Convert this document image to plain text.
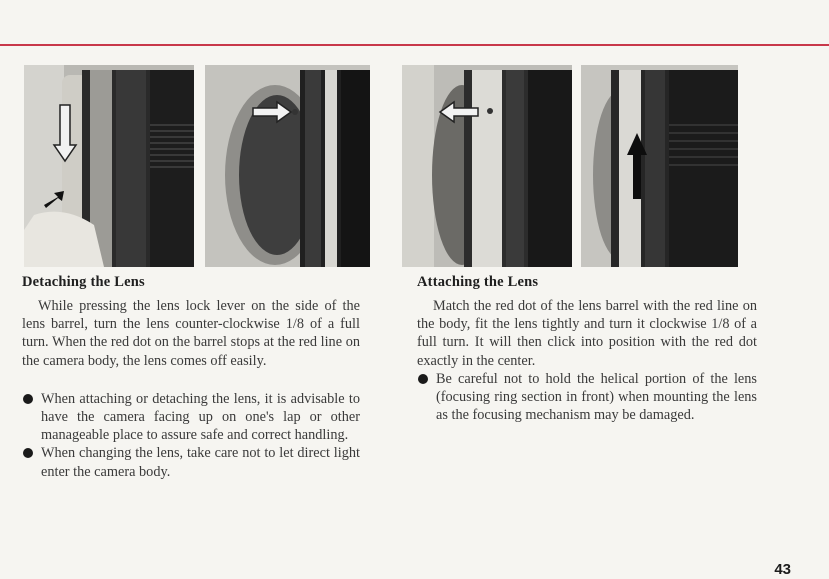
Detaching the Lens

While pressing the lens lock lever on the side of the lens barrel, turn the lens counter-clockwise 1/8 of a full turn. When the red dot on the barrel stops at the red line on the camera body, the lens comes off easily.

When attaching or detaching the lens, it is advisable to have the camera facing up on one's lap or other manageable place to assure safe and correct handling.
When changing the lens, take care not to let direct light enter the camera body.
Attaching the Lens

Match the red dot of the lens barrel with the red line on the body, fit the lens tightly and turn it clockwise 1/8 of a full turn. It will then click into position with the red dot exactly in the center.

Be careful not to hold the helical portion of the lens (focusing ring section in front) when mounting the lens as the focusing mechanism may be damaged.
43
